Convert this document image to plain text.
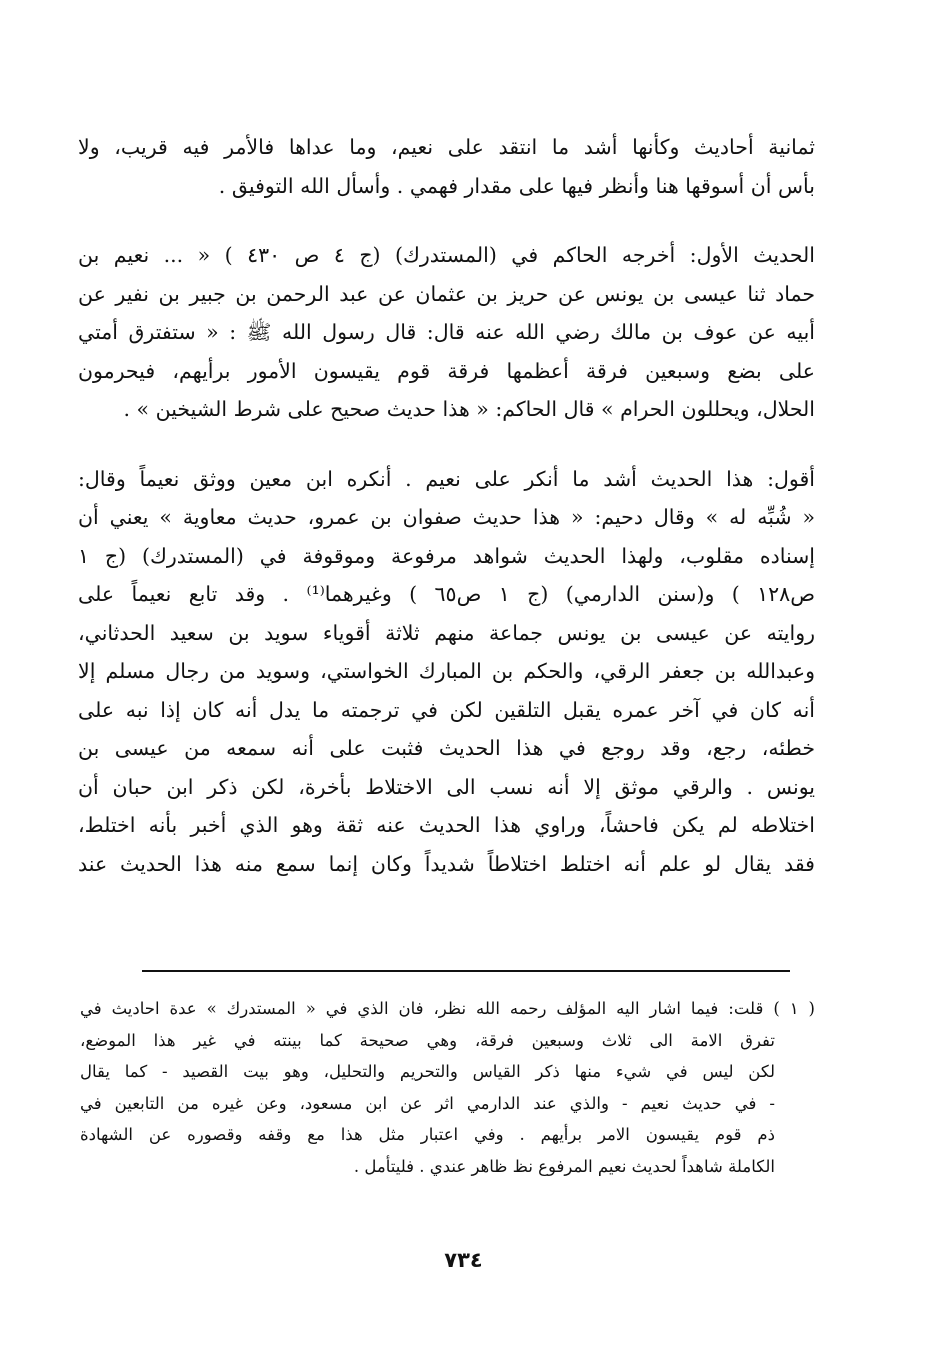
ثمانية أحاديث وكأنها أشد ما انتقد على نعيم، وما عداها فالأمر فيه قريب، ولا
بأس أن أسوقها هنا وأنظر فيها على مقدار فهمي . وأسأل الله التوفيق .

الحديث الأول: أخرجه الحاكم في (المستدرك) (ج ٤ ص ٤٣٠ ) « ... نعيم بن
حماد ثنا عيسى بن يونس عن حريز بن عثمان عن عبد الرحمن بن جبير بن نفير عن
أبيه عن عوف بن مالك رضي الله عنه قال: قال رسول الله ﷺ : « ستفترق أمتي
على بضع وسبعين فرقة أعظمها فرقة قوم يقيسون الأمور برأيهم، فيحرمون
الحلال، ويحللون الحرام » قال الحاكم: « هذا حديث صحيح على شرط الشيخين » .

أقول: هذا الحديث أشد ما أنكر على نعيم . أنكره ابن معين ووثق نعيماً وقال:
« شُبِّه له » وقال دحيم: « هذا حديث صفوان بن عمرو، حديث معاوية » يعني أن
إسناده مقلوب، ولهذا الحديث شواهد مرفوعة وموقوفة في (المستدرك) (ج ١
ص١٢٨ ) و(سنن الدارمي) (ج ١ ص٦٥ ) وغيرهما⁽¹⁾ . وقد تابع نعيماً على
روايته عن عيسى بن يونس جماعة منهم ثلاثة أقوياء سويد بن سعيد الحدثاني،
وعبدالله بن جعفر الرقي، والحكم بن المبارك الخواستي، وسويد من رجال مسلم إلا
أنه كان في آخر عمره يقبل التلقين لكن في ترجمته ما يدل أنه كان إذا نبه على
خطئه، رجع، وقد روجع في هذا الحديث فثبت على أنه سمعه من عيسى بن
يونس . والرقي موثق إلا أنه نسب الى الاختلاط بأخرة، لكن ذكر ابن حبان أن
اختلاطه لم يكن فاحشاً، وراوي هذا الحديث عنه ثقة وهو الذي أخبر بأنه اختلط،
فقد يقال لو علم أنه اختلط اختلاطاً شديداً وكان إنما سمع منه هذا الحديث عند

( ١ ) قلت: فيما اشار اليه المؤلف رحمه الله نظر، فان الذي في « المستدرك » عدة احاديث في
تفرق الامة الى ثلاث وسبعين فرقة، وهي صحيحة كما بينته في غير هذا الموضع،
لكن ليس في شيء منها ذكر القياس والتحريم والتحليل، وهو بيت القصيد - كما يقال
- في حديث نعيم - والذي عند الدارمي اثر عن ابن مسعود، وعن غيره من التابعين في
ذم قوم يقيسون الامر برأيهم . وفي اعتبار مثل هذا مع وقفه وقصوره عن الشهادة
الكاملة شاهداً لحديث نعيم المرفوع نظ ظاهر عندي . فليتأمل .
٧٣٤
